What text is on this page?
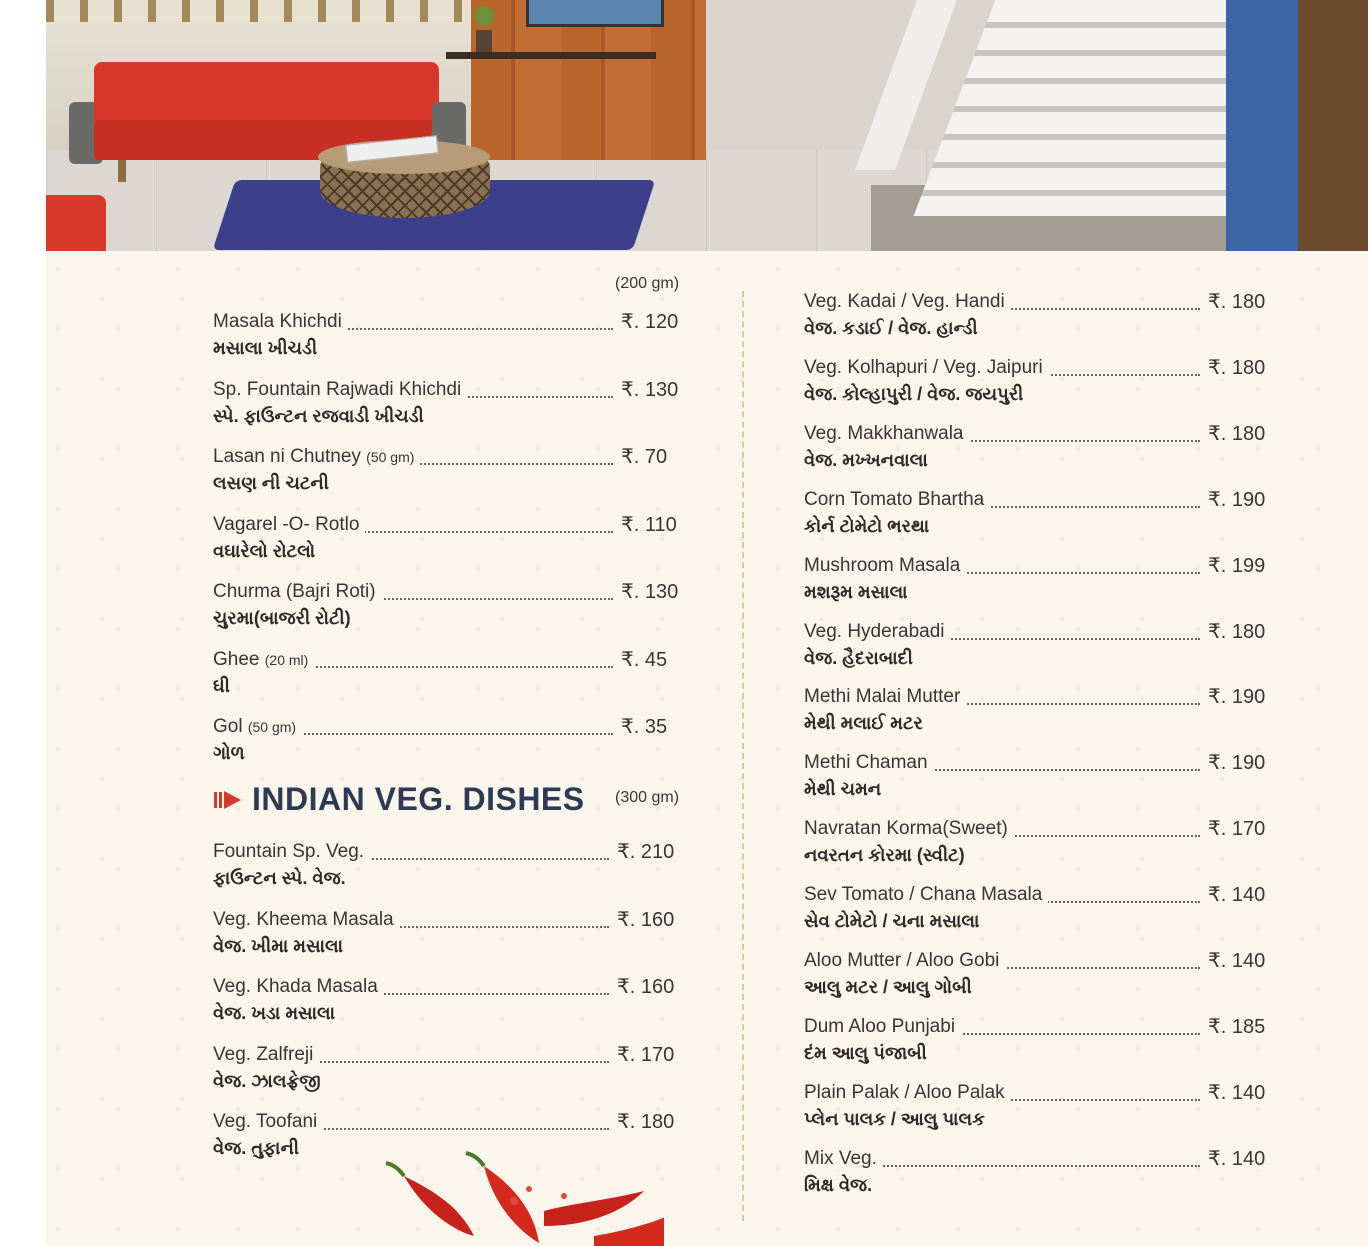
(200 gm)
(300 gm)
Masala Khichdi	₹. 120
મસાલા ખીચડી
Sp. Fountain Rajwadi Khichdi	₹. 130
સ્પે. ફાઉન્ટન રજવાડી ખીચડી
Lasan ni Chutney (50 gm)	₹. 70
લસણ ની ચટની
Vagarel -O- Rotlo	₹. 110
વઘારેલો રોટલો
Churma (Bajri Roti)	₹. 130
ચુરમા(બાજરી રોટી)
Ghee (20 ml)	₹. 45
ઘી
Gol (50 gm)	₹. 35
ગોળ
INDIAN VEG. DISHES
Fountain Sp. Veg.	₹. 210
ફાઉન્ટન સ્પે. વેજ.
Veg. Kheema Masala	₹. 160
વેજ. ખીમા મસાલા
Veg. Khada Masala	₹. 160
વેજ. ખડા મસાલા
Veg. Zalfreji	₹. 170
વેજ. ઝાલફ્રેજી
Veg. Toofani	₹. 180
વેજ. તુફાની
Veg. Kadai / Veg. Handi	₹. 180
વેજ. કડાઈ / વેજ. હાન્ડી
Veg. Kolhapuri / Veg. Jaipuri	₹. 180
વેજ. કોલ્હાપુરી / વેજ. જયપુરી
Veg. Makkhanwala	₹. 180
વેજ. મખ્ખનવાલા
Corn Tomato Bhartha	₹. 190
કોર્ન ટોમેટો ભરથા
Mushroom Masala	₹. 199
મશરૂમ મસાલા
Veg. Hyderabadi	₹. 180
વેજ. હૈદરાબાદી
Methi Malai Mutter	₹. 190
મેથી મલાઈ મટર
Methi Chaman	₹. 190
મેથી ચમન
Navratan Korma(Sweet)	₹. 170
નવરતન કોરમા (સ્વીટ)
Sev Tomato / Chana Masala	₹. 140
સેવ ટોમેટો / ચના મસાલા
Aloo Mutter / Aloo Gobi	₹. 140
આલુ મટર / આલુ ગોબી
Dum Aloo Punjabi	₹. 185
દંમ આલુ પંજાબી
Plain Palak / Aloo Palak	₹. 140
પ્લેન પાલક / આલુ પાલક
Mix Veg.	₹. 140
મિક્ષ વેજ.
